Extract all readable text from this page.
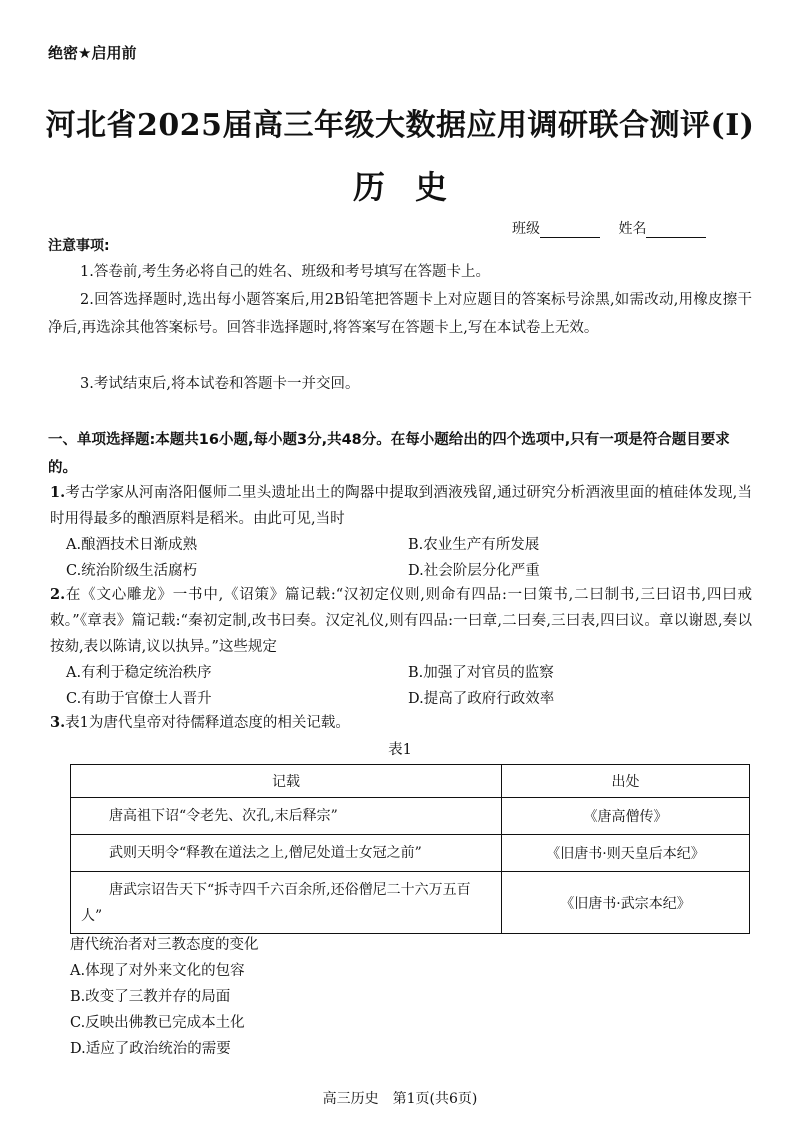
绝密★启用前
河北省2025届高三年级大数据应用调研联合测评(I)
历史
班级	姓名
注意事项:
1.答卷前,考生务必将自己的姓名、班级和考号填写在答题卡上。
2.回答选择题时,选出每小题答案后,用2B铅笔把答题卡上对应题目的答案标号涂黑,如需改动,用橡皮擦干净后,再选涂其他答案标号。回答非选择题时,将答案写在答题卡上,写在本试卷上无效。
3.考试结束后,将本试卷和答题卡一并交回。
一、单项选择题:本题共16小题,每小题3分,共48分。在每小题给出的四个选项中,只有一项是符合题目要求的。
1.考古学家从河南洛阳偃师二里头遗址出土的陶器中提取到酒液残留,通过研究分析酒液里面的植硅体发现,当时用得最多的酿酒原料是稻米。由此可见,当时
A.酿酒技术日渐成熟	B.农业生产有所发展
C.统治阶级生活腐朽	D.社会阶层分化严重
2.在《文心雕龙》一书中,《诏策》篇记载:“汉初定仪则,则命有四品:一曰策书,二曰制书,三曰诏书,四曰戒敕。”《章表》篇记载:“秦初定制,改书曰奏。汉定礼仪,则有四品:一曰章,二曰奏,三曰表,四曰议。章以谢恩,奏以按劾,表以陈请,议以执异。”这些规定
A.有利于稳定统治秩序	B.加强了对官员的监察
C.有助于官僚士人晋升	D.提高了政府行政效率
3.表1为唐代皇帝对待儒释道态度的相关记载。
表1
记载	出处
唐高祖下诏“令老先、次孔,末后释宗”	《唐高僧传》
武则天明令“释教在道法之上,僧尼处道士女冠之前”	《旧唐书·则天皇后本纪》
唐武宗诏告天下“拆寺四千六百余所,还俗僧尼二十六万五百人”	《旧唐书·武宗本纪》
唐代统治者对三教态度的变化
A.体现了对外来文化的包容
B.改变了三教并存的局面
C.反映出佛教已完成本土化
D.适应了政治统治的需要
高三历史　第1页(共6页)
